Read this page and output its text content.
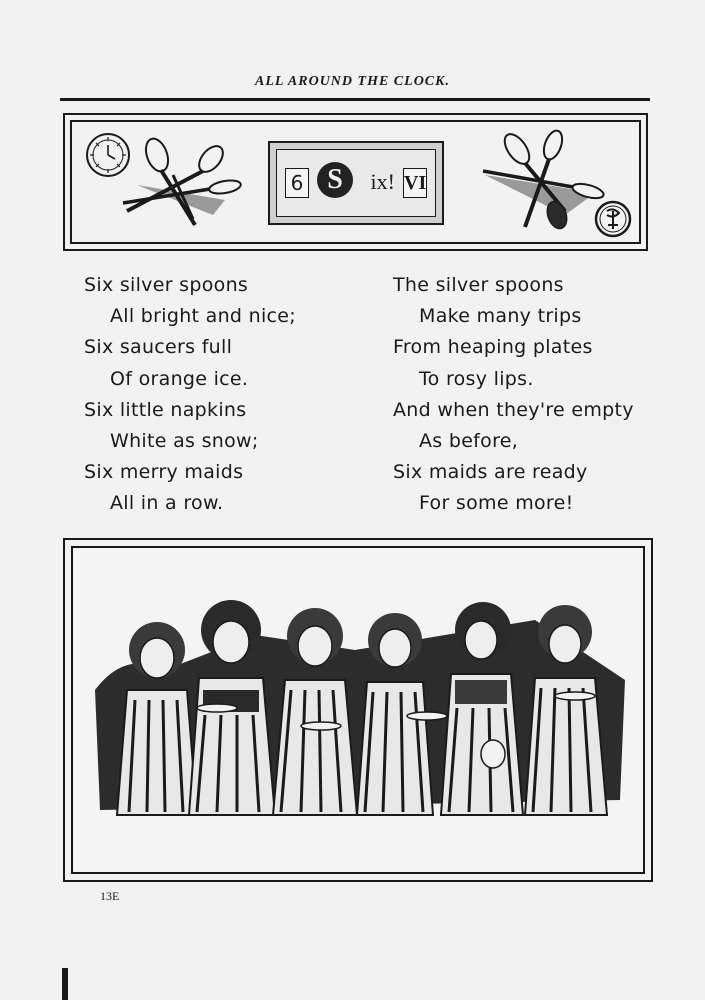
ALL AROUND THE CLOCK.
6 S	ix! VI
Six silver spoons
All bright and nice;
Six saucers full
Of orange ice.
Six little napkins
White as snow;
Six merry maids
All in a row.
The silver spoons
Make many trips
From heaping plates
To rosy lips.
And when they're empty
As before,
Six maids are ready
For some more!
13E
